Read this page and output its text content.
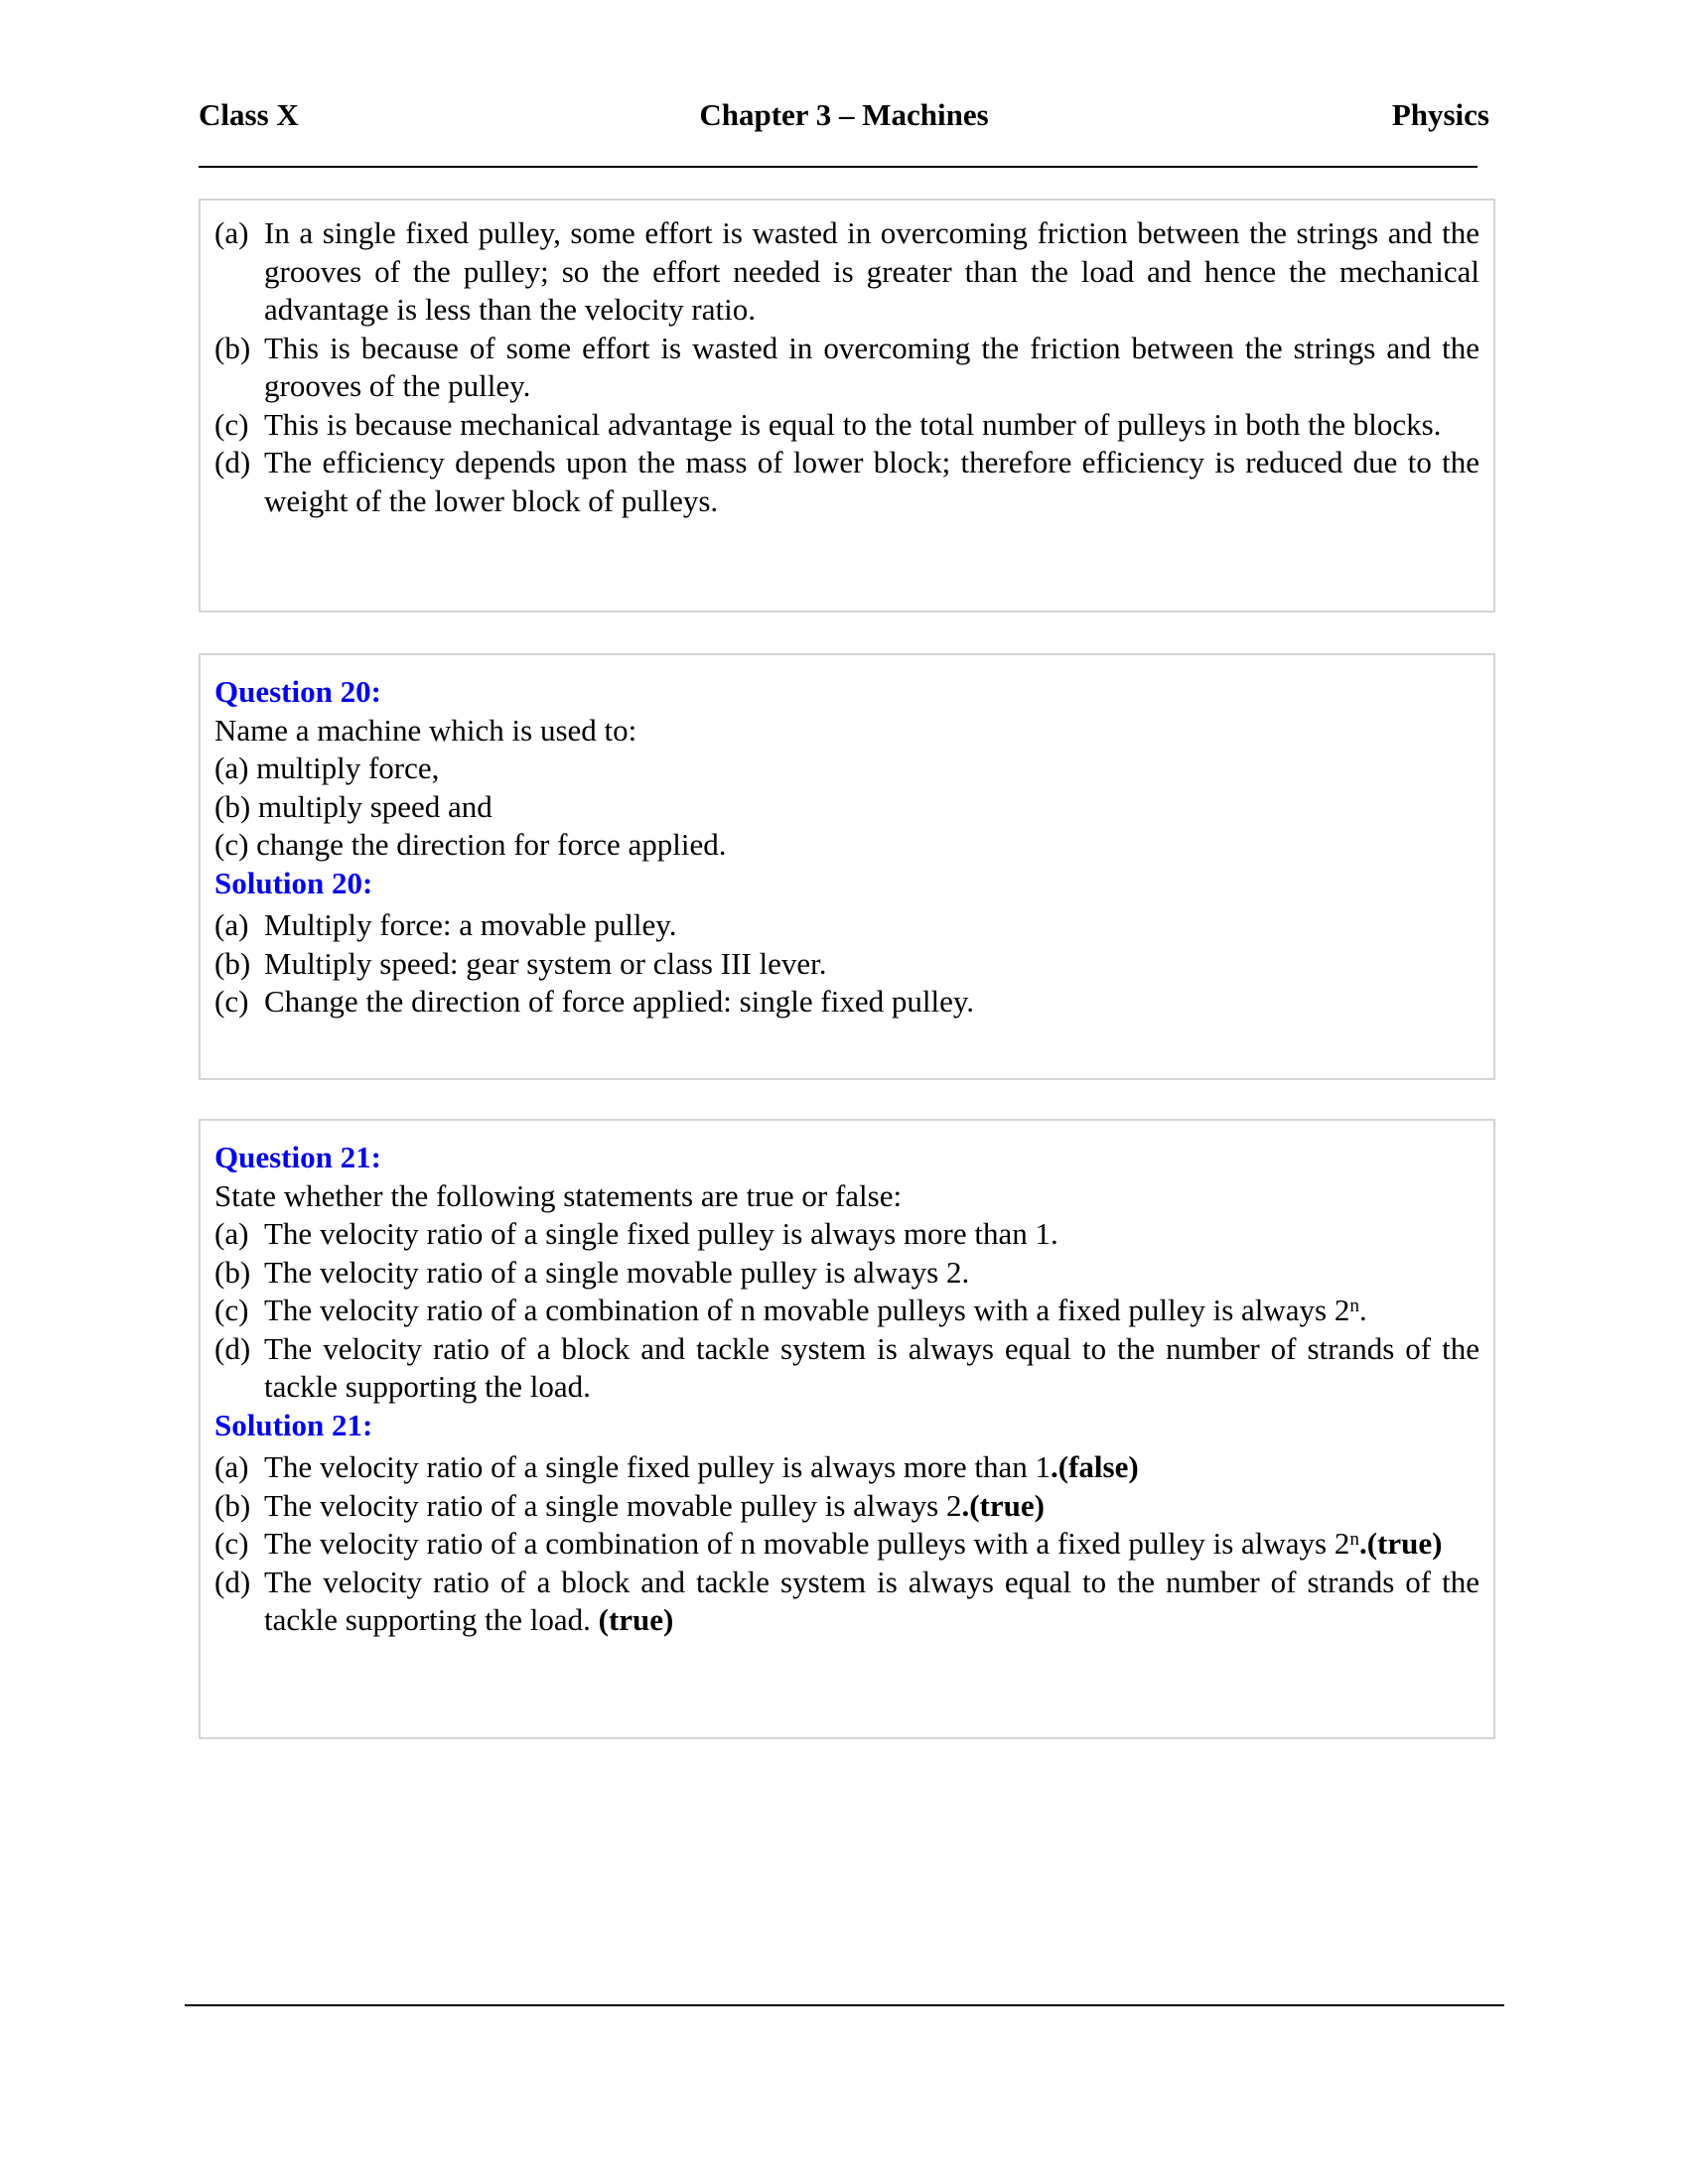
Class X	Chapter 3 – Machines	Physics
(a) In a single fixed pulley, some effort is wasted in overcoming friction between the strings and the grooves of the pulley; so the effort needed is greater than the load and hence the mechanical advantage is less than the velocity ratio.
(b) This is because of some effort is wasted in overcoming the friction between the strings and the grooves of the pulley.
(c) This is because mechanical advantage is equal to the total number of pulleys in both the blocks.
(d) The efficiency depends upon the mass of lower block; therefore efficiency is reduced due to the weight of the lower block of pulleys.
Question 20:
Name a machine which is used to:
(a) multiply force,
(b) multiply speed and
(c) change the direction for force applied.
Solution 20:
(a) Multiply force: a movable pulley.
(b) Multiply speed: gear system or class III lever.
(c) Change the direction of force applied: single fixed pulley.
Question 21:
State whether the following statements are true or false:
(a) The velocity ratio of a single fixed pulley is always more than 1.
(b) The velocity ratio of a single movable pulley is always 2.
(c) The velocity ratio of a combination of n movable pulleys with a fixed pulley is always 2$^n$.
(d) The velocity ratio of a block and tackle system is always equal to the number of strands of the tackle supporting the load.
Solution 21:
(a) The velocity ratio of a single fixed pulley is always more than 1.(false)
(b) The velocity ratio of a single movable pulley is always 2.(true)
(c) The velocity ratio of a combination of n movable pulleys with a fixed pulley is always 2$^n$.(true)
(d) The velocity ratio of a block and tackle system is always equal to the number of strands of the tackle supporting the load. (true)
